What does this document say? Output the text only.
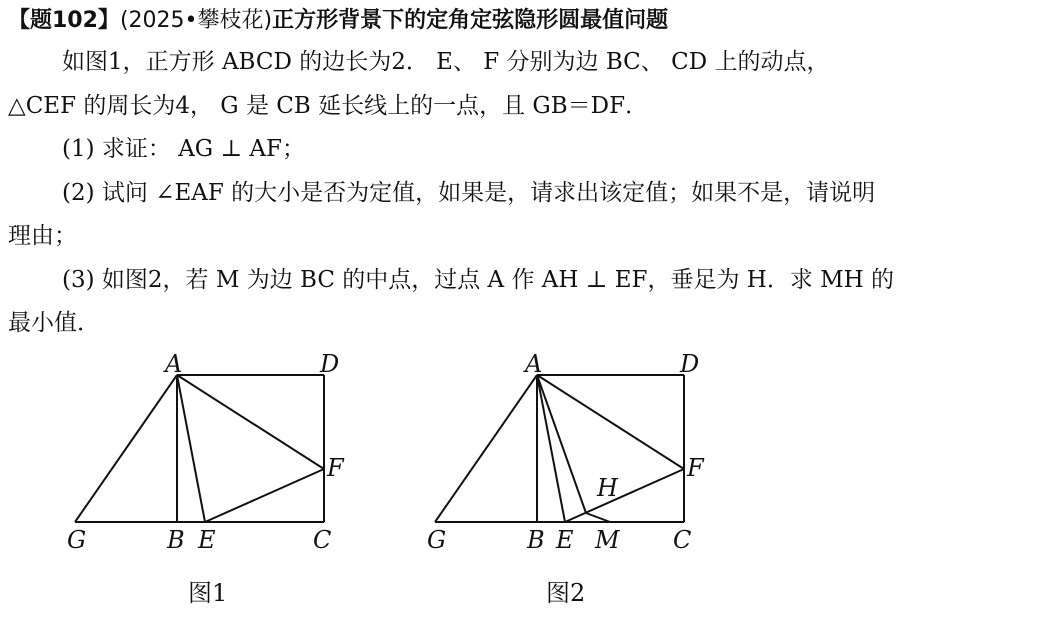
【题102】(2025•攀枝花)正方形背景下的定角定弦隐形圆最值问题
如图1，正方形 ABCD 的边长为2． E、 F 分别为边 BC、 CD 上的动点，
△CEF 的周长为4， G 是 CB 延长线上的一点，且 GB＝DF．
(1) 求证： AG ⊥ AF；
(2) 试问 ∠EAF 的大小是否为定值，如果是，请求出该定值；如果不是，请说明
理由；
(3) 如图2，若 M 为边 BC 的中点，过点 A 作 AH ⊥ EF，垂足为 H．求 MH 的
最小值．
A	D
F
G	B E	C
A	D
F
H
G	B E M C
图1	图2
